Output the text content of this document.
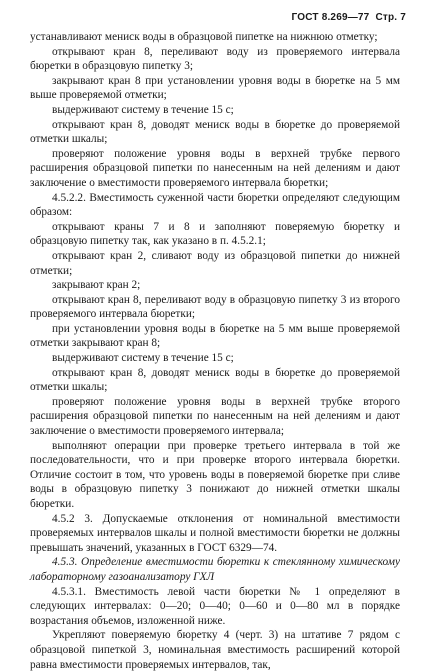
ГОСТ 8.269—77 Стр. 7

устанавливают мениск воды в образцовой пипетке на нижнюю отметку;

открывают кран 8, переливают воду из проверяемого интервала бюретки в образцовую пипетку 3;

закрывают кран 8 при установлении уровня воды в бюретке на 5 мм выше проверяемой отметки;

выдерживают систему в течение 15 с;

открывают кран 8, доводят мениск воды в бюретке до проверяемой отметки шкалы;

проверяют положение уровня воды в верхней трубке первого расширения образцовой пипетки по нанесенным на ней делениям и дают заключение о вместимости проверяемого интервала бюретки;

4.5.2.2. Вместимость суженной части бюретки определяют следующим образом:

открывают краны 7 и 8 и заполняют поверяемую бюретку и образцовую пипетку так, как указано в п. 4.5.2.1;

открывают кран 2, сливают воду из образцовой пипетки до нижней отметки;

закрывают кран 2;

открывают кран 8, переливают воду в образцовую пипетку 3 из второго проверяемого интервала бюретки;

при установлении уровня воды в бюретке на 5 мм выше проверяемой отметки закрывают кран 8;

выдерживают систему в течение 15 с;

открывают кран 8, доводят мениск воды в бюретке до проверяемой отметки шкалы;

проверяют положение уровня воды в верхней трубке второго расширения образцовой пипетки по нанесенным на ней делениям и дают заключение о вместимости проверяемого интервала;

выполняют операции при проверке третьего интервала в той же последовательности, что и при проверке второго интервала бюретки. Отличие состоит в том, что уровень воды в поверяемой бюретке при сливе воды в образцовую пипетку 3 понижают до нижней отметки шкалы бюретки.

4.5.2 3. Допускаемые отклонения от номинальной вместимости проверяемых интервалов шкалы и полной вместимости бюретки не должны превышать значений, указанных в ГОСТ 6329—74.

4.5.3. Определение вместимости бюретки к стеклянному химическому лабораторному газоанализатору ГХЛ

4.5.3.1. Вместимость левой части бюретки № 1 определяют в следующих интервалах: 0—20; 0—40; 0—60 и 0—80 мл в порядке возрастания объемов, изложенной ниже.

Укрепляют поверяемую бюретку 4 (черт. 3) на штативе 7 рядом с образцовой пипеткой 3, номинальная вместимость расширений которой равна вместимости проверяемых интервалов, так,
